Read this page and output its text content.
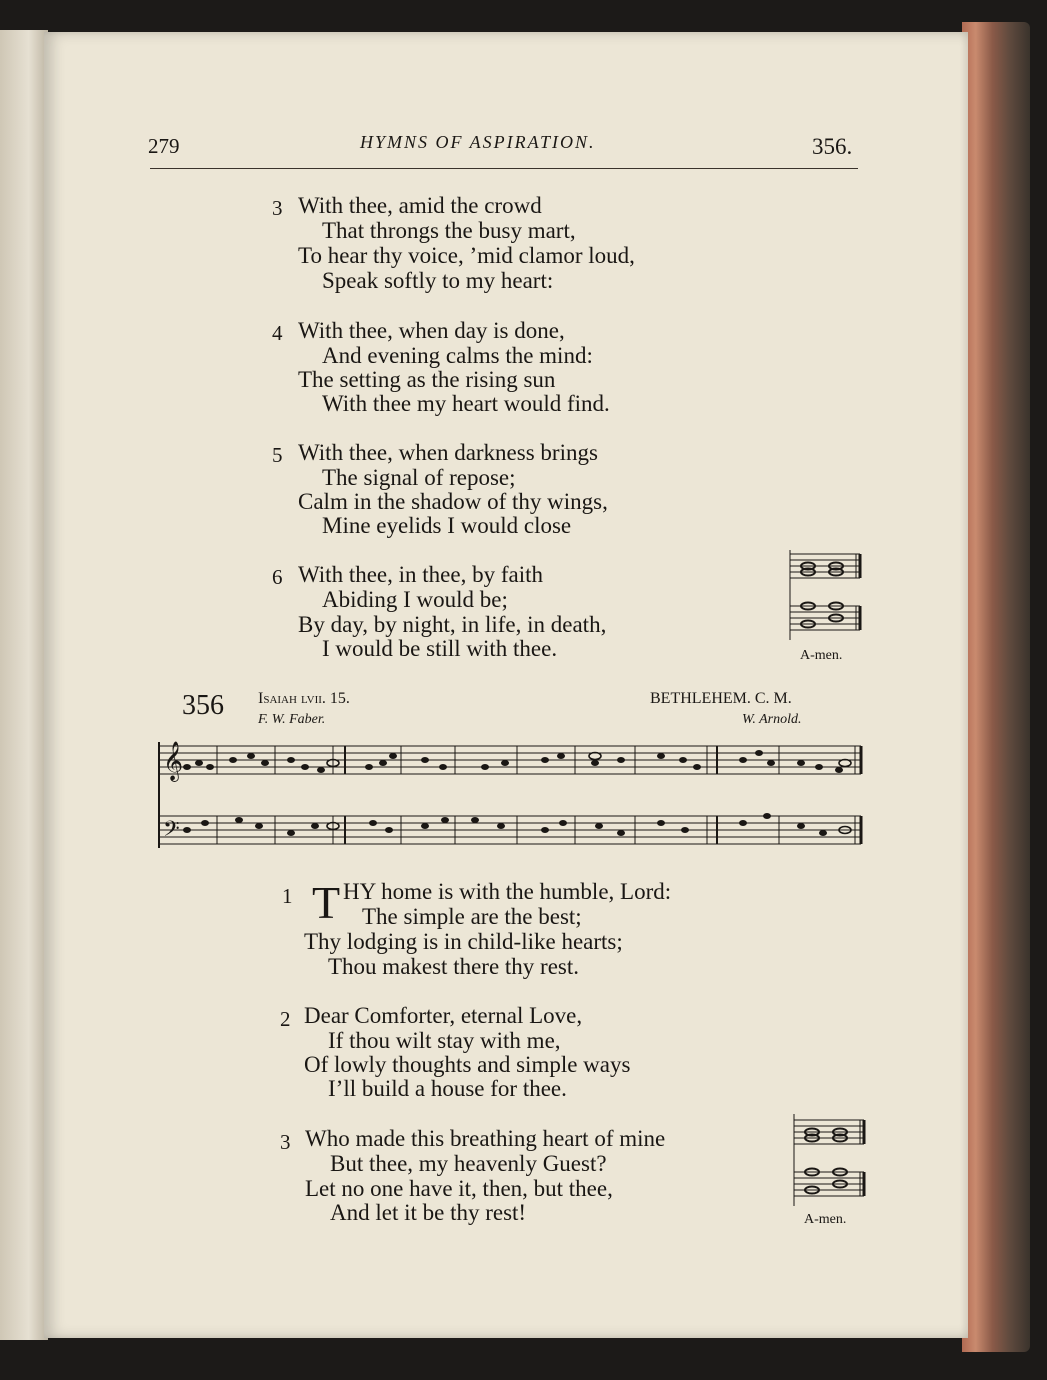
279	HYMNS OF ASPIRATION.	356.
3 With thee, amid the crowd
That throngs the busy mart,
To hear thy voice, ’mid clamor loud,
Speak softly to my heart:
4 With thee, when day is done,
And evening calms the mind:
The setting as the rising sun
With thee my heart would find.
5 With thee, when darkness brings
The signal of repose;
Calm in the shadow of thy wings,
Mine eyelids I would close
6 With thee, in thee, by faith
Abiding I would be;
By day, by night, in life, in death,
I would be still with thee.	A-men.
356 Isaiah lvii. 15.	BETHLEHEM. C. M.
F. W. Faber.	W. Arnold.
𝄞
𝄢
1 T HY home is with the humble, Lord:
The simple are the best;
Thy lodging is in child-like hearts;
Thou makest there thy rest.
2 Dear Comforter, eternal Love,
If thou wilt stay with me,
Of lowly thoughts and simple ways
I’ll build a house for thee.
3 Who made this breathing heart of mine
But thee, my heavenly Guest?
Let no one have it, then, but thee,
And let it be thy rest!	A-men.
